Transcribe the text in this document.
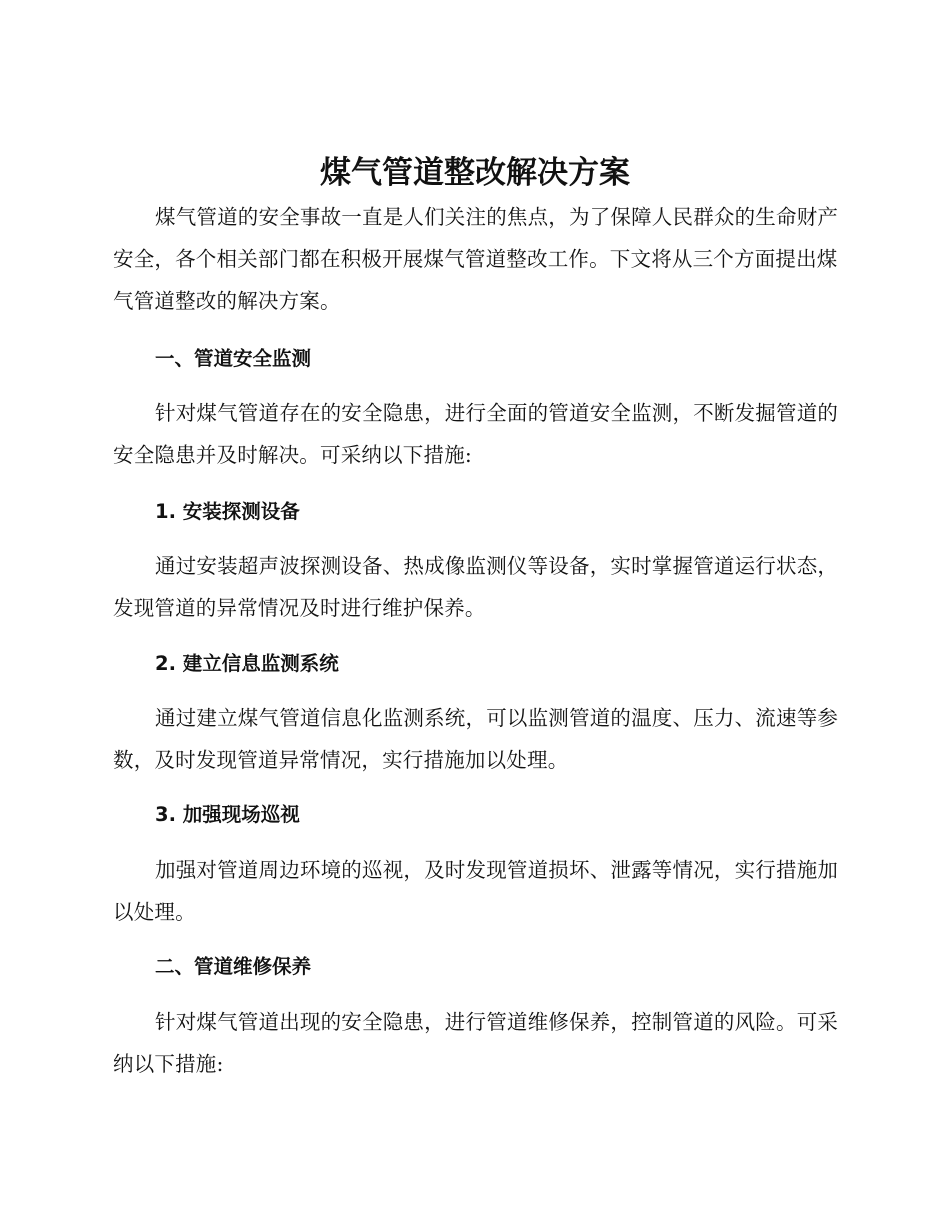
煤气管道整改解决方案

煤气管道的安全事故一直是人们关注的焦点，为了保障人民群众的生命财产安全，各个相关部门都在积极开展煤气管道整改工作。下文将从三个方面提出煤气管道整改的解决方案。

一、管道安全监测

针对煤气管道存在的安全隐患，进行全面的管道安全监测，不断发掘管道的安全隐患并及时解决。可采纳以下措施:

1. 安装探测设备

通过安装超声波探测设备、热成像监测仪等设备，实时掌握管道运行状态，发现管道的异常情况及时进行维护保养。

2. 建立信息监测系统

通过建立煤气管道信息化监测系统，可以监测管道的温度、压力、流速等参数，及时发现管道异常情况，实行措施加以处理。

3. 加强现场巡视

加强对管道周边环境的巡视，及时发现管道损坏、泄露等情况，实行措施加以处理。

二、管道维修保养

针对煤气管道出现的安全隐患，进行管道维修保养，控制管道的风险。可采纳以下措施:
